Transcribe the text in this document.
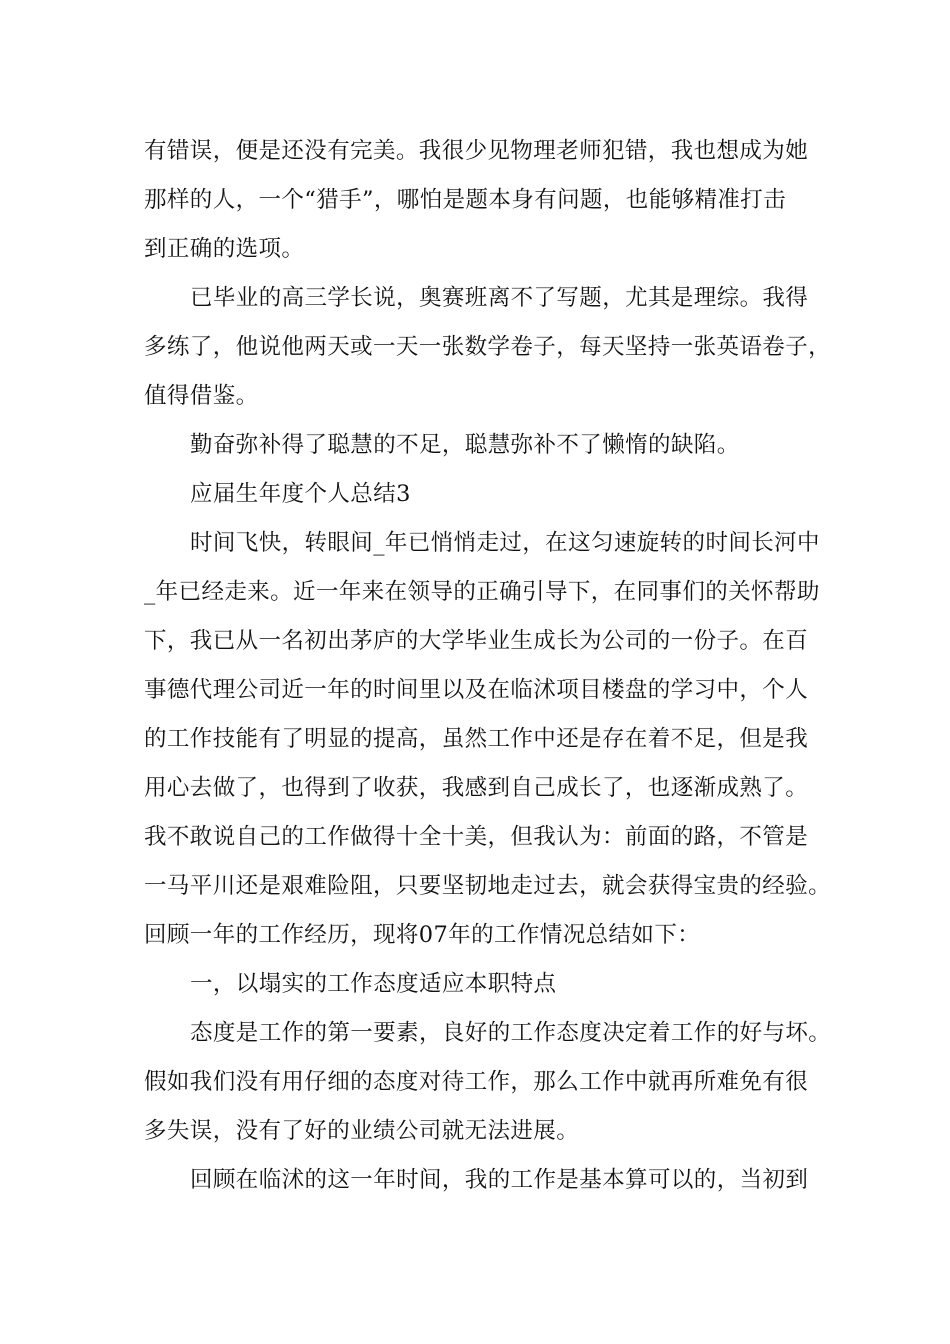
有错误，便是还没有完美。我很少见物理老师犯错，我也想成为她
那样的人，一个“猎手”，哪怕是题本身有问题，也能够精准打击
到正确的选项。
已毕业的高三学长说，奥赛班离不了写题，尤其是理综。我得
多练了，他说他两天或一天一张数学卷子，每天坚持一张英语卷子，
值得借鉴。
勤奋弥补得了聪慧的不足，聪慧弥补不了懒惰的缺陷。
应届生年度个人总结3
时间飞快，转眼间_年已悄悄走过，在这匀速旋转的时间长河中
_年已经走来。近一年来在领导的正确引导下，在同事们的关怀帮助
下，我已从一名初出茅庐的大学毕业生成长为公司的一份子。在百
事德代理公司近一年的时间里以及在临沭项目楼盘的学习中，个人
的工作技能有了明显的提高，虽然工作中还是存在着不足，但是我
用心去做了，也得到了收获，我感到自己成长了，也逐渐成熟了。
我不敢说自己的工作做得十全十美，但我认为：前面的路，不管是
一马平川还是艰难险阻，只要坚韧地走过去，就会获得宝贵的经验。
回顾一年的工作经历，现将07年的工作情况总结如下：
一，以塌实的工作态度适应本职特点
态度是工作的第一要素，良好的工作态度决定着工作的好与坏。
假如我们没有用仔细的态度对待工作，那么工作中就再所难免有很
多失误，没有了好的业绩公司就无法进展。
回顾在临沭的这一年时间，我的工作是基本算可以的，当初到
